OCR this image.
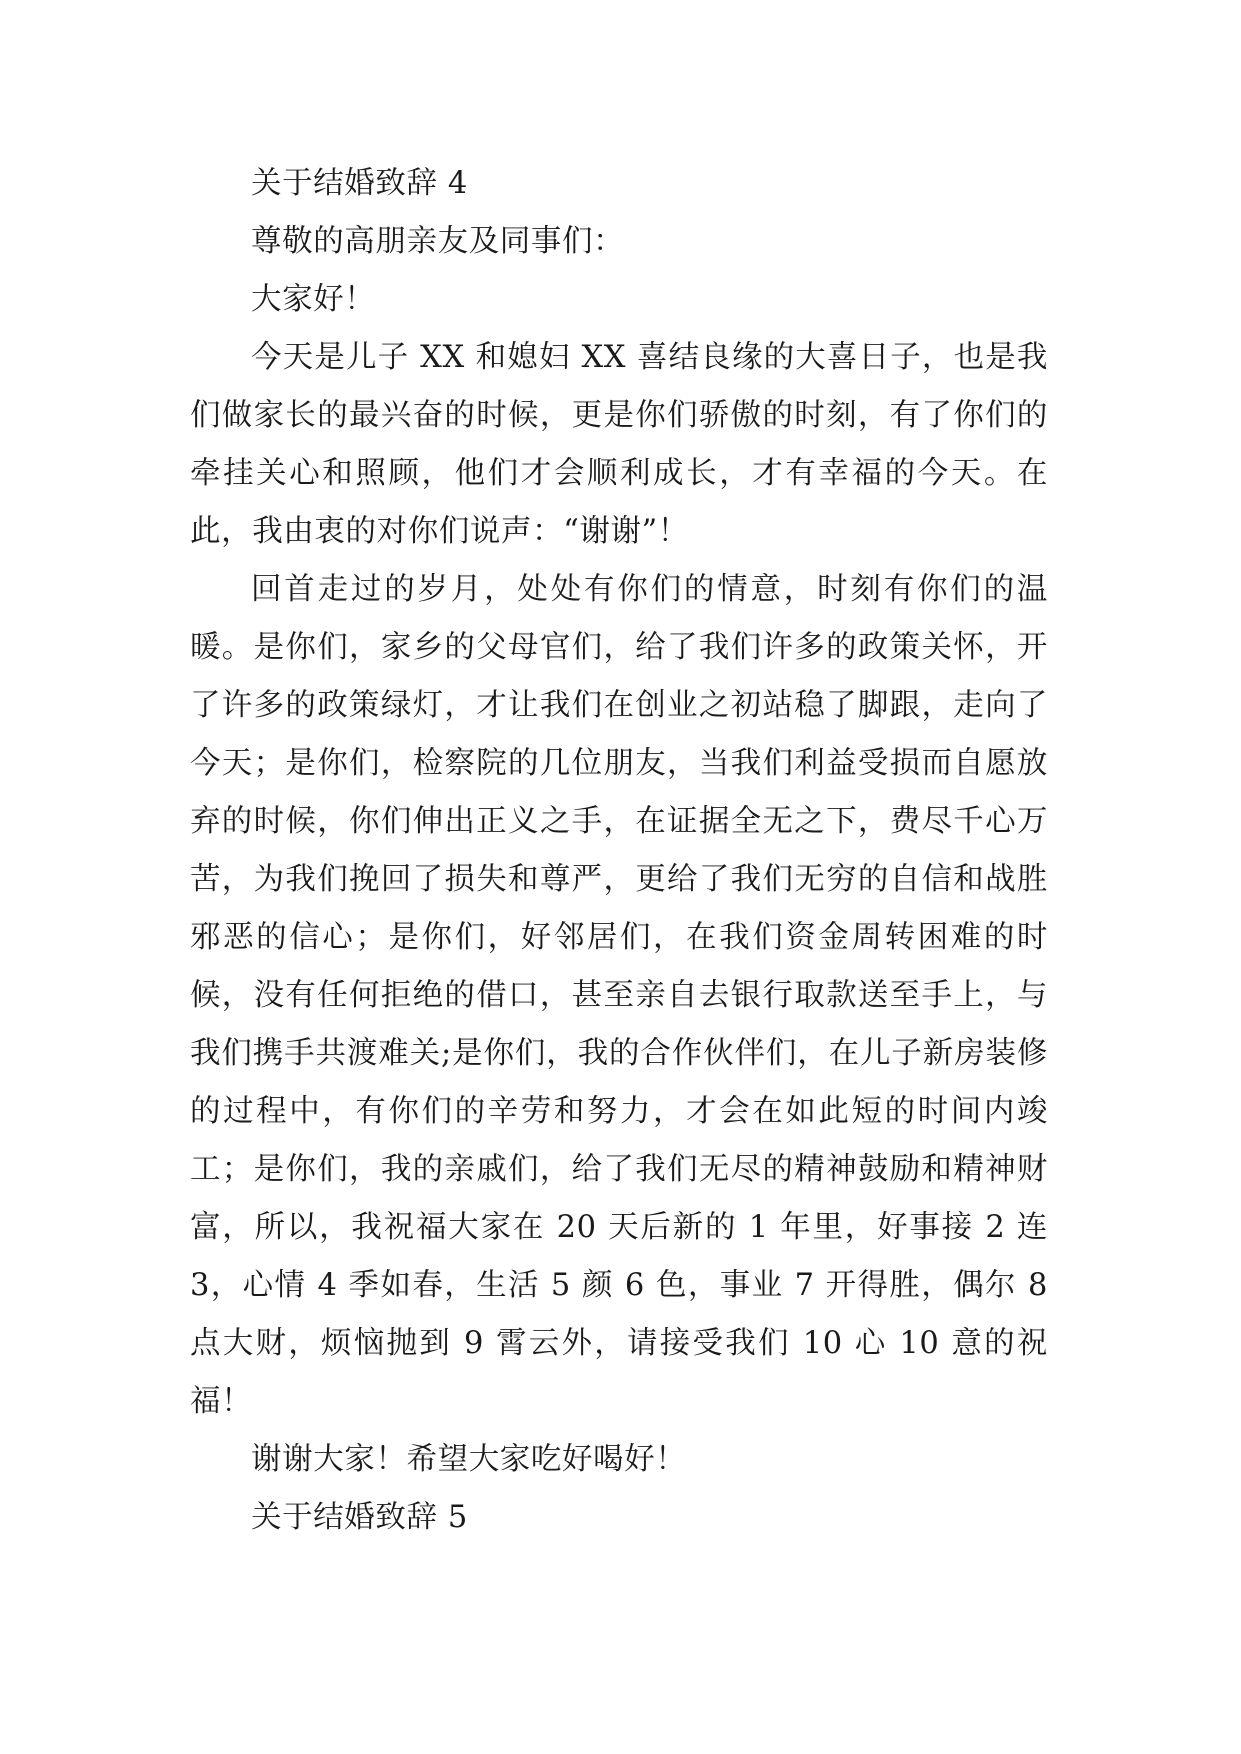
关于结婚致辞 4

尊敬的高朋亲友及同事们：

大家好！

今天是儿子 XX 和媳妇 XX 喜结良缘的大喜日子，也是我们做家长的最兴奋的时候，更是你们骄傲的时刻，有了你们的牵挂关心和照顾，他们才会顺利成长，才有幸福的今天。在此，我由衷的对你们说声：“谢谢”！

回首走过的岁月，处处有你们的情意，时刻有你们的温暖。是你们，家乡的父母官们，给了我们许多的政策关怀，开了许多的政策绿灯，才让我们在创业之初站稳了脚跟，走向了今天；是你们，检察院的几位朋友，当我们利益受损而自愿放弃的时候，你们伸出正义之手，在证据全无之下，费尽千心万苦，为我们挽回了损失和尊严，更给了我们无穷的自信和战胜邪恶的信心；是你们，好邻居们，在我们资金周转困难的时候，没有任何拒绝的借口，甚至亲自去银行取款送至手上，与我们携手共渡难关;是你们，我的合作伙伴们，在儿子新房装修的过程中，有你们的辛劳和努力，才会在如此短的时间内竣工；是你们，我的亲戚们，给了我们无尽的精神鼓励和精神财富，所以，我祝福大家在 20 天后新的 1 年里，好事接 2 连 3，心情 4 季如春，生活 5 颜 6 色，事业 7 开得胜，偶尔 8 点大财，烦恼抛到 9 霄云外，请接受我们 10 心 10 意的祝福！

谢谢大家！希望大家吃好喝好！

关于结婚致辞 5
